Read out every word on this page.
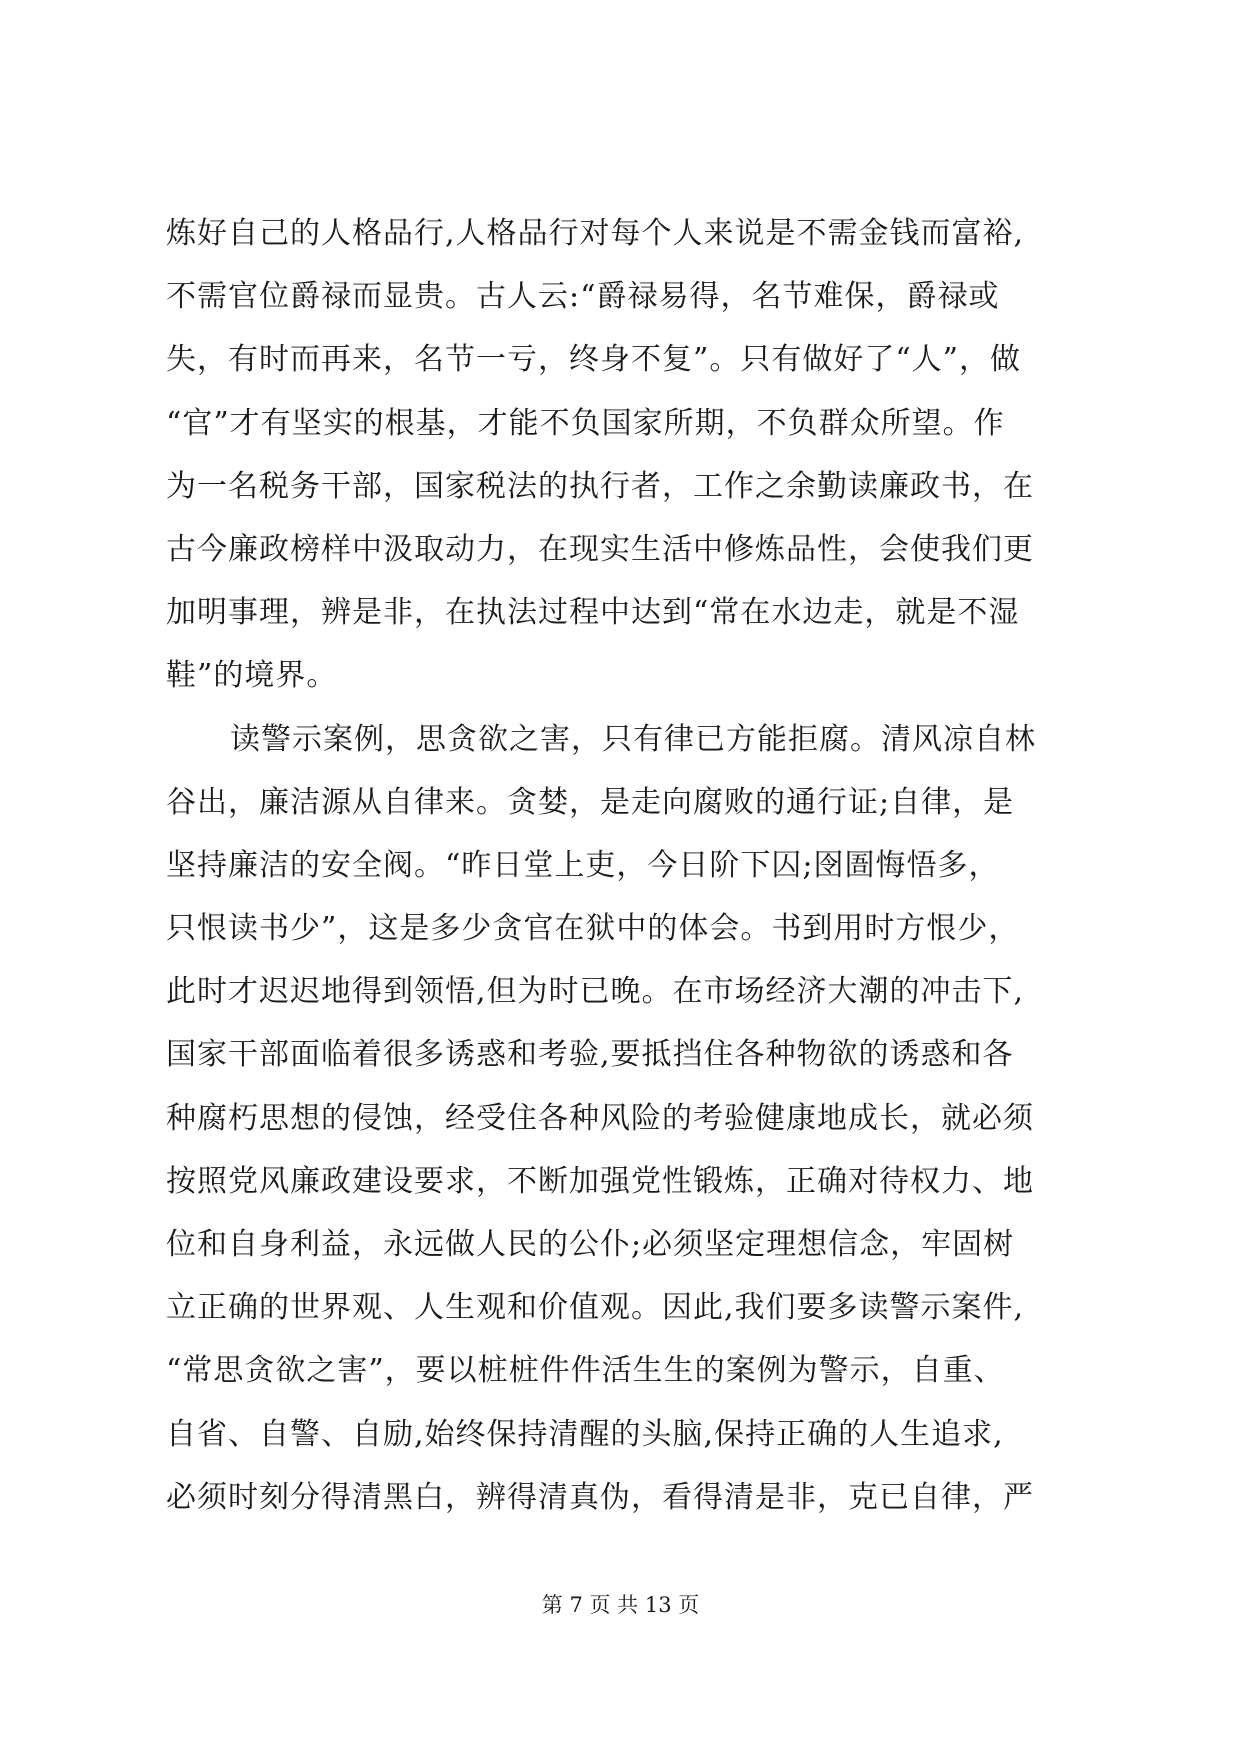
炼好自己的人格品行,人格品行对每个人来说是不需金钱而富裕,
不需官位爵禄而显贵。古人云:“爵禄易得，名节难保，爵禄或
失，有时而再来，名节一亏，终身不复”。只有做好了“人”，做
“官”才有坚实的根基，才能不负国家所期，不负群众所望。作
为一名税务干部，国家税法的执行者，工作之余勤读廉政书，在
古今廉政榜样中汲取动力，在现实生活中修炼品性，会使我们更
加明事理，辨是非，在执法过程中达到“常在水边走，就是不湿
鞋”的境界。
读警示案例，思贪欲之害，只有律已方能拒腐。清风凉自林
谷出，廉洁源从自律来。贪婪，是走向腐败的通行证;自律，是
坚持廉洁的安全阀。“昨日堂上吏，今日阶下囚;囹圄悔悟多，
只恨读书少”，这是多少贪官在狱中的体会。书到用时方恨少，
此时才迟迟地得到领悟,但为时已晚。在市场经济大潮的冲击下,
国家干部面临着很多诱惑和考验,要抵挡住各种物欲的诱惑和各
种腐朽思想的侵蚀，经受住各种风险的考验健康地成长，就必须
按照党风廉政建设要求，不断加强党性锻炼，正确对待权力、地
位和自身利益，永远做人民的公仆;必须坚定理想信念，牢固树
立正确的世界观、人生观和价值观。因此,我们要多读警示案件,
“常思贪欲之害”，要以桩桩件件活生生的案例为警示，自重、
自省、自警、自励,始终保持清醒的头脑,保持正确的人生追求,
必须时刻分得清黑白，辨得清真伪，看得清是非，克已自律，严
第 7 页 共 13 页
